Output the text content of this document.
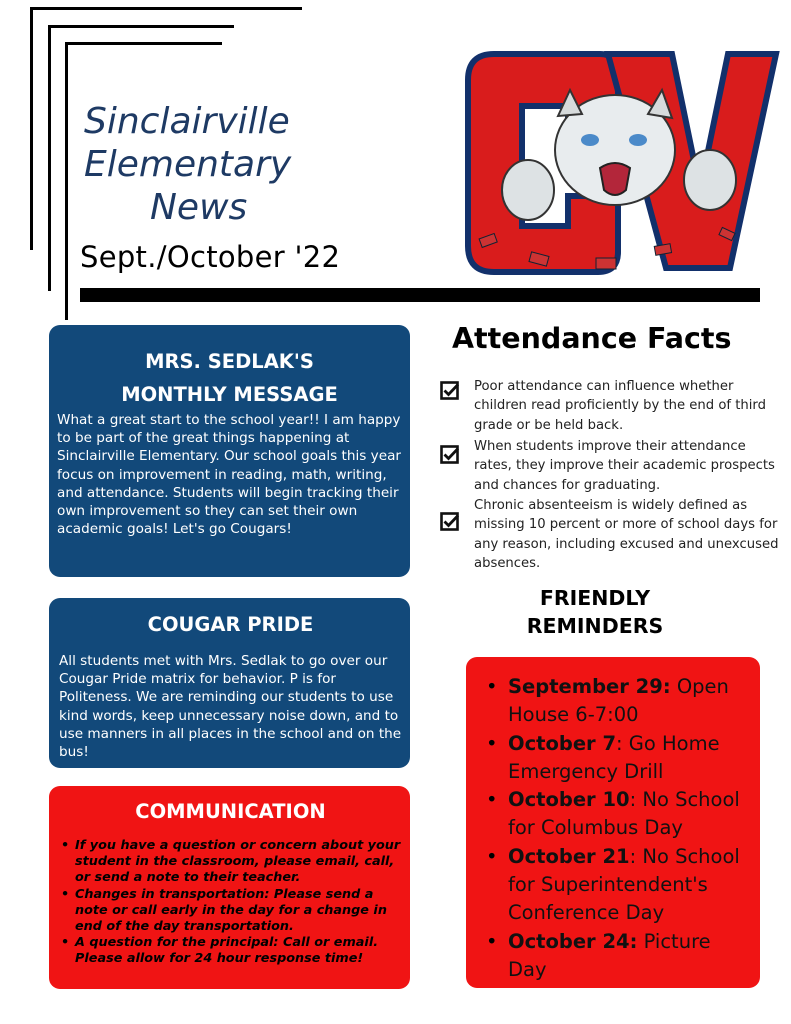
Sinclairville
Elementary
News
Sept./October '22
CV
MRS. SEDLAK'S
MONTHLY MESSAGE

What a great start to the school year!! I am happy to be part of the great things happening at Sinclairville Elementary. Our school goals this year focus on improvement in reading, math, writing, and attendance. Students will begin tracking their own improvement so they can set their own academic goals! Let's go Cougars!

COUGAR PRIDE

All students met with Mrs. Sedlak to go over our Cougar Pride matrix for behavior. P is for Politeness. We are reminding our students to use kind words, keep unnecessary noise down, and to use manners in all places in the school and on the bus!

COMMUNICATION
• If you have a question or concern about your student in the classroom, please email, call, or send a note to their teacher.
• Changes in transportation: Please send a note or call early in the day for a change in end of the day transportation.
• A question for the principal: Call or email. Please allow for 24 hour response time!
Attendance Facts

Poor attendance can influence whether children read proficiently by the end of third grade or be held back.

When students improve their attendance rates, they improve their academic prospects and chances for graduating.

Chronic absenteeism is widely defined as missing 10 percent or more of school days for any reason, including excused and unexcused absences.

FRIENDLY
REMINDERS
• September 29: Open House 6-7:00
• October 7: Go Home Emergency Drill
• October 10: No School for Columbus Day
• October 21: No School for Superintendent's Conference Day
• October 24: Picture Day
